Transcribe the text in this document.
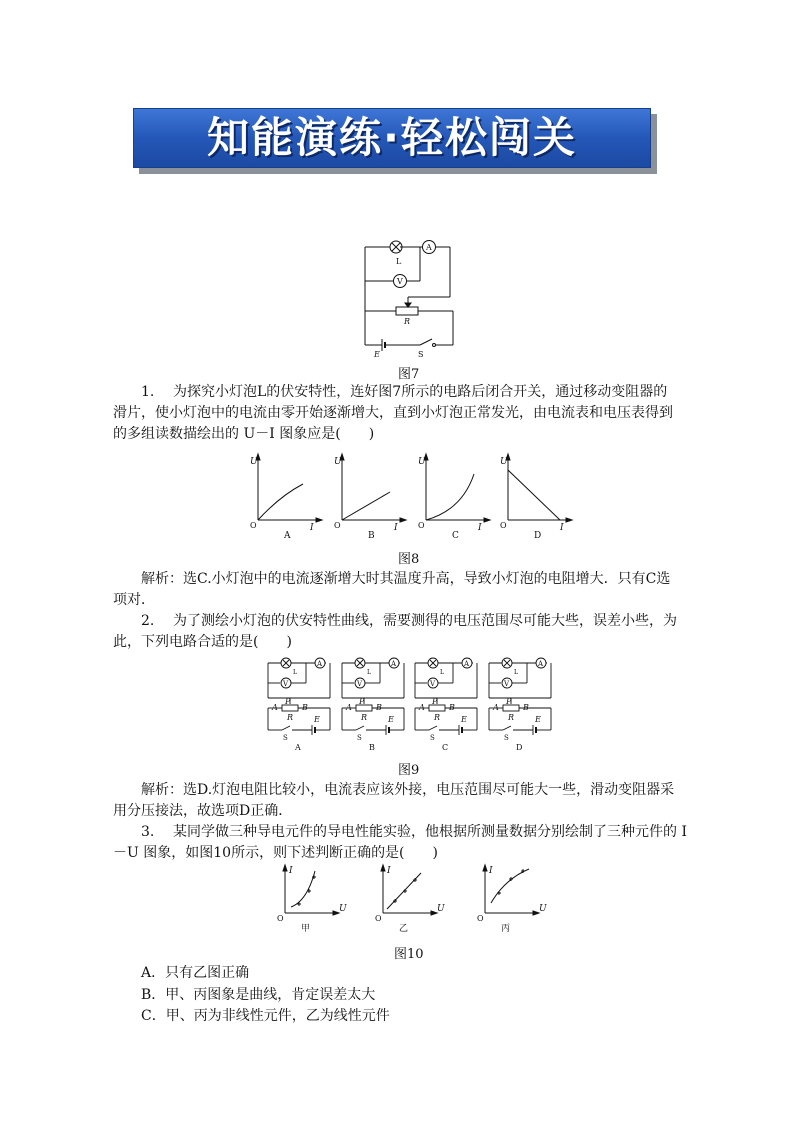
知能演练·轻松闯关
L
A
V
R
E	S
图7
1. 为探究小灯泡L的伏安特性，连好图7所示的电路后闭合开关，通过移动变阻器的
滑片，使小灯泡中的电流由零开始逐渐增大，直到小灯泡正常发光，由电流表和电压表得到
的多组读数描绘出的 U－I 图象应是(　　)
U
I
O
A
U
I
O
B
U
I
O
C
U
I
O
D
图8
解析：选C.小灯泡中的电流逐渐增大时其温度升高，导致小灯泡的电阻增大．只有C选
项对．
2. 为了测绘小灯泡的伏安特性曲线，需要测得的电压范围尽可能大些，误差小些，为
此，下列电路合适的是(　　)
A
L
V
A
P
B
R	E
S
A
A
L
V
A
P
B
R	E
S
B
A
L
V
A
P
B
R	E
S
C
A
L
V
A
P
B
R	E
S
D
图9
解析：选D.灯泡电阻比较小，电流表应该外接，电压范围尽可能大一些，滑动变阻器采
用分压接法，故选项D正确．
3. 某同学做三种导电元件的导电性能实验，他根据所测量数据分别绘制了三种元件的 I
－U 图象，如图10所示，则下述判断正确的是(　　)
I
U
O
甲
I
U
O
乙
I
U
O
丙
图10
A．只有乙图正确
B．甲、丙图象是曲线，肯定误差太大
C．甲、丙为非线性元件，乙为线性元件
